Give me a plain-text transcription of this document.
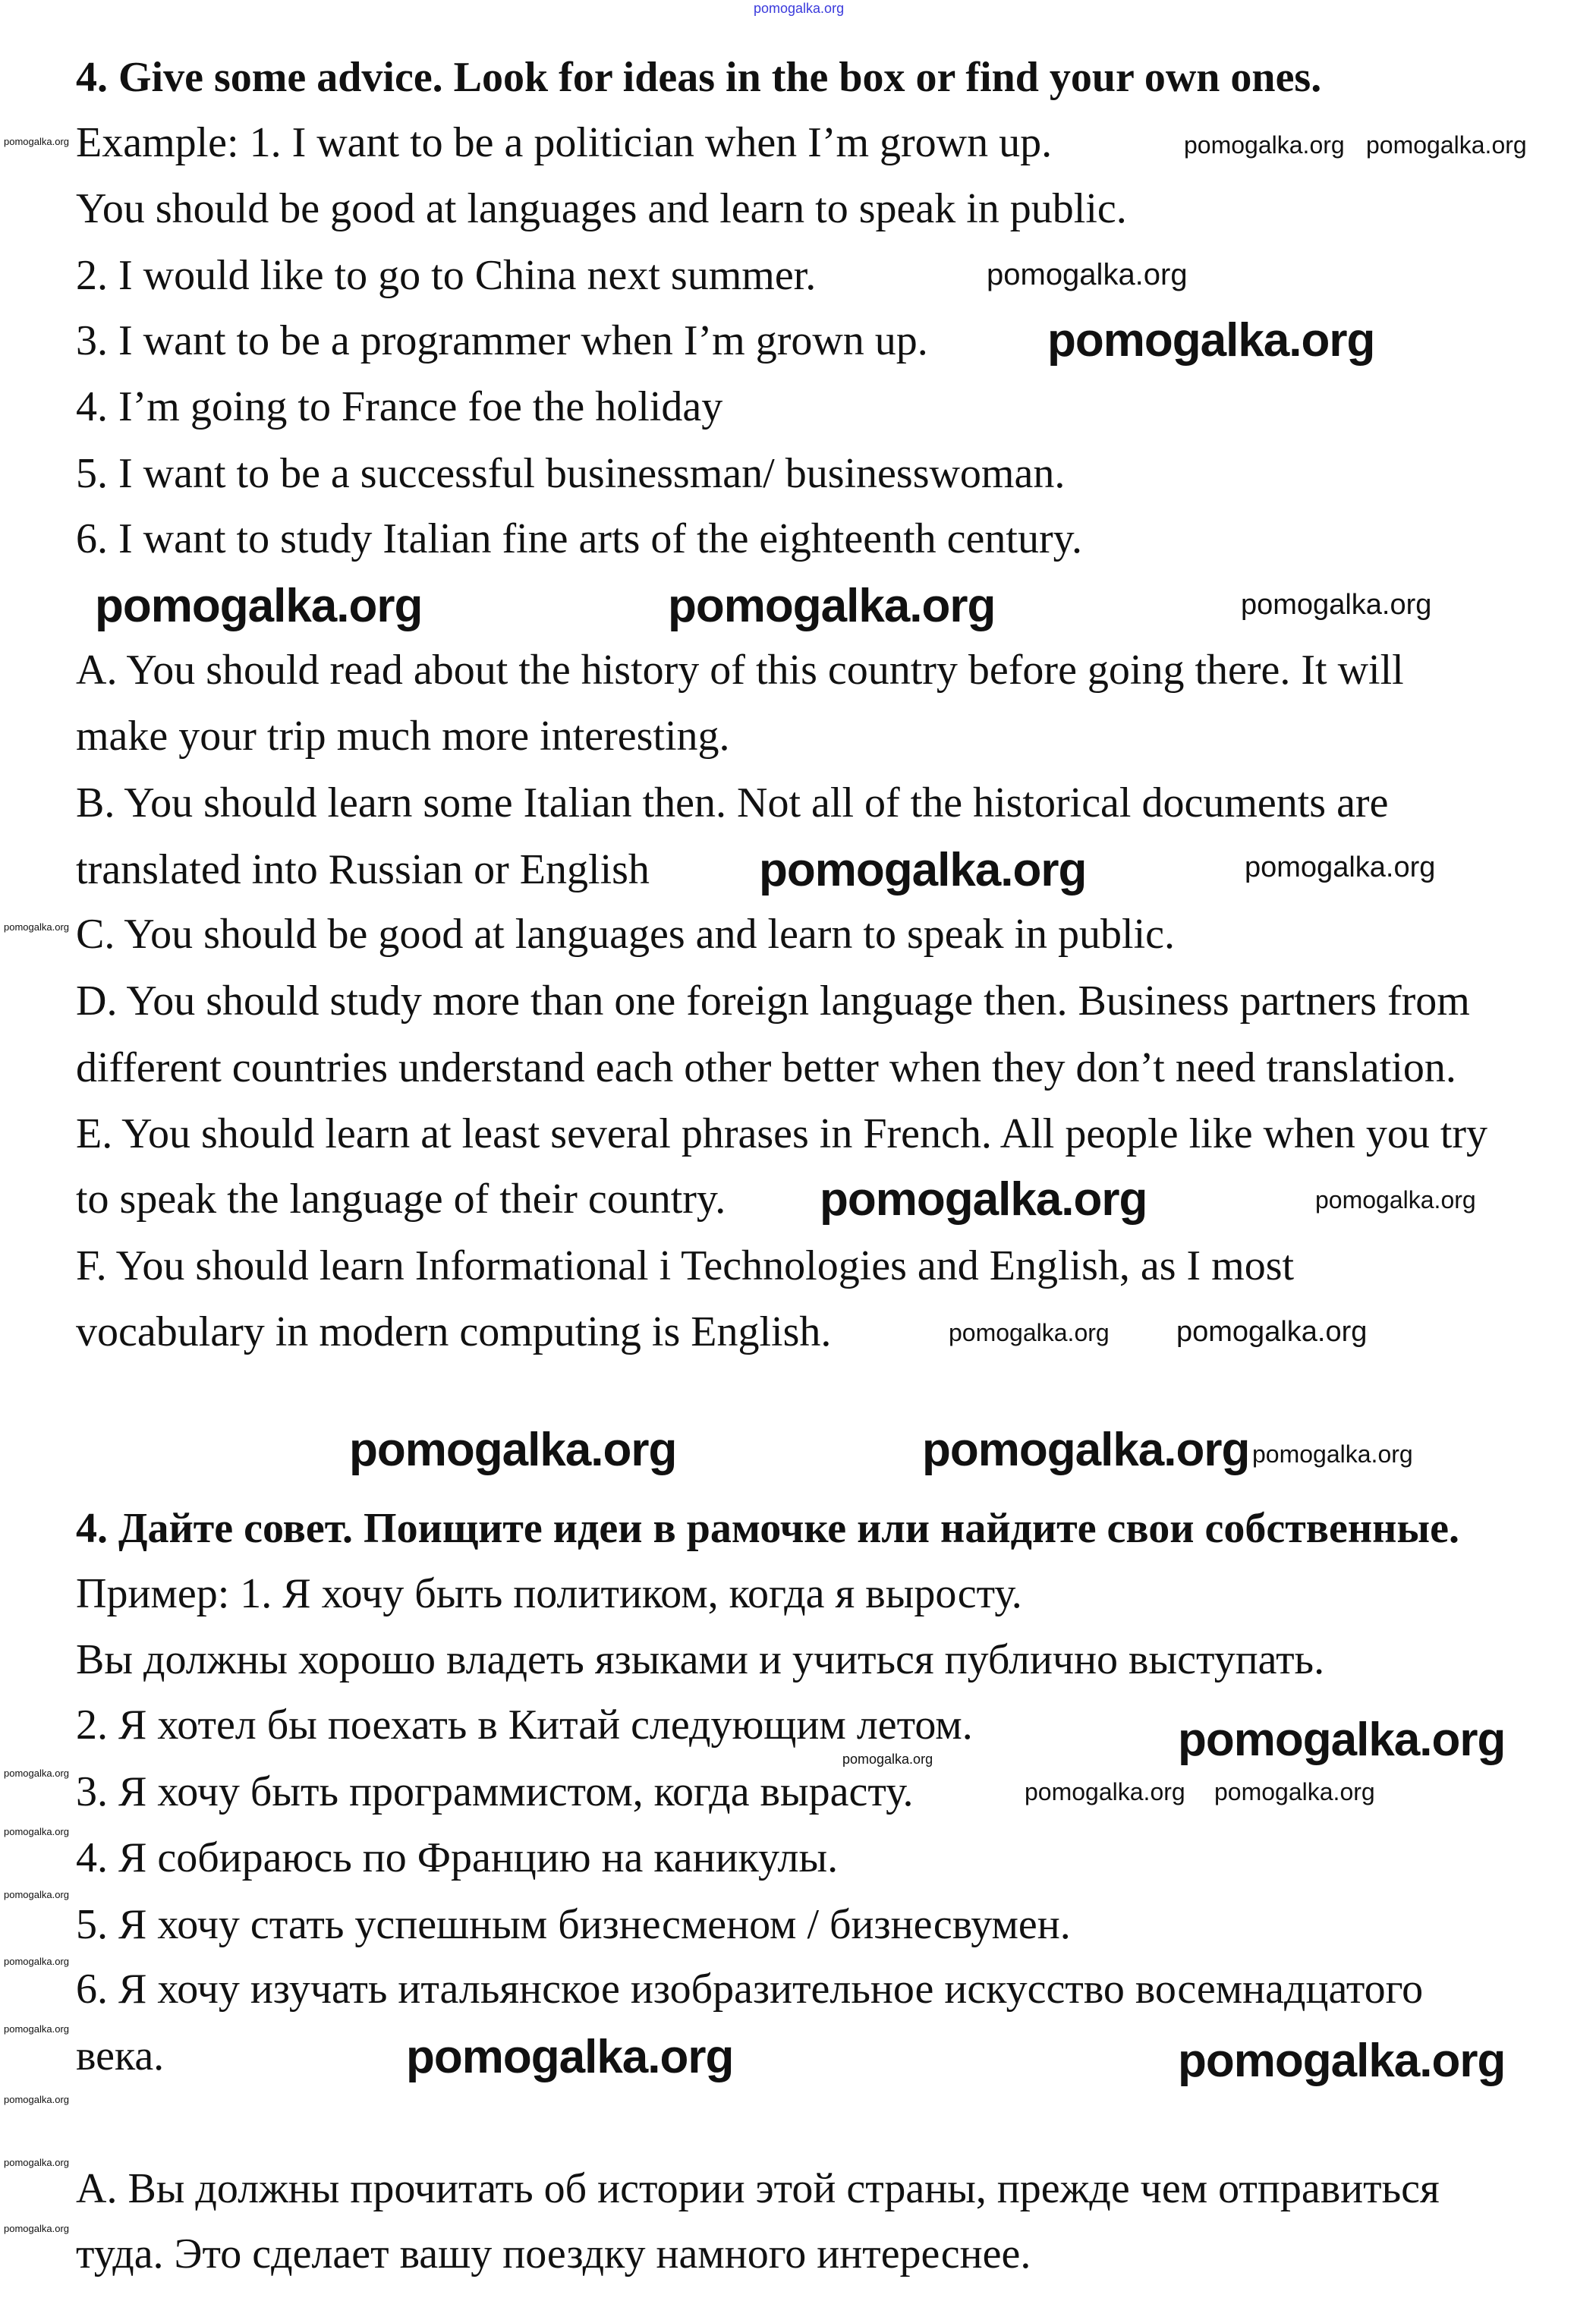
4. Give some advice. Look for ideas in the box or find your own ones.
Example: 1. I want to be a politician when I’m grown up.
You should be good at languages and learn to speak in public.
2. I would like to go to China next summer.
3. I want to be a programmer when I’m grown up.
4. I’m going to France foe the holiday
5. I want to be a successful businessman/ businesswoman.
6. I want to study Italian fine arts of the eighteenth century.
A. You should read about the history of this country before going there. It will
make your trip much more interesting.
B. You should learn some Italian then. Not all of the historical documents are
translated into Russian or English
C. You should be good at languages and learn to speak in public.
D. You should study more than one foreign language then. Business partners from
different countries understand each other better when they don’t need translation.
E. You should learn at least several phrases in French. All people like when you try
to speak the language of their country.
F. You should learn Informational i Technologies and English, as I most
vocabulary in modern computing is English.
4. Дайте совет. Поищите идеи в рамочке или найдите свои собственные.
Пример: 1. Я хочу быть политиком, когда я выросту.
Вы должны хорошо владеть языками и учиться публично выступать.
2. Я хотел бы поехать в Китай следующим летом.
3. Я хочу быть программистом, когда вырасту.
4. Я собираюсь по Францию на каникулы.
5. Я хочу стать успешным бизнесменом / бизнесвумен.
6. Я хочу изучать итальянское изобразительное искусство восемнадцатого
века.
А. Вы должны прочитать об истории этой страны, прежде чем отправиться
туда. Это сделает вашу поездку намного интереснее.
pomogalka.org
pomogalka.org pomogalka.org
pomogalka.org
pomogalka.org
pomogalka.org
pomogalka.org	pomogalka.org	pomogalka.org
pomogalka.org
pomogalka.org
pomogalka.org
pomogalka.org
pomogalka.org pomogalka.org
pomogalka.org	pomogalka.org
pomogalka.org	pomogalka.org
pomogalka.org pomogalka.org
pomogalka.org	pomogalka.org
pomogalka.org
pomogalka.org
pomogalka.org
pomogalka.org
pomogalka.org
pomogalka.org
pomogalka.org
pomogalka.org
pomogalka.org	pomogalka.org
